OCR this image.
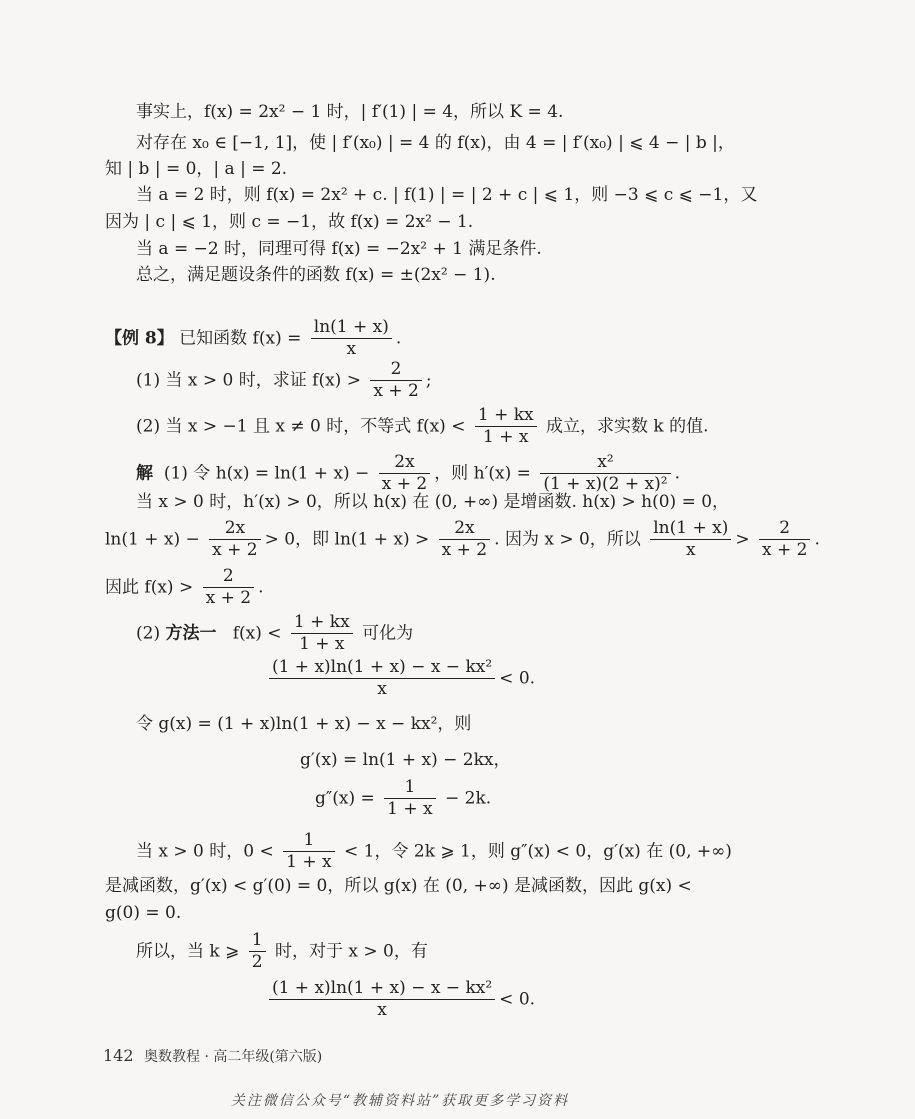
事实上，f(x) = 2x² − 1 时，| f′(1) | = 4，所以 K = 4.
对存在 x₀ ∈ [−1, 1]，使 | f′(x₀) | = 4 的 f(x)，由 4 = | f′(x₀) | ⩽ 4 − | b |，
知 | b | = 0，| a | = 2.
当 a = 2 时，则 f(x) = 2x² + c. | f(1) | = | 2 + c | ⩽ 1，则 −3 ⩽ c ⩽ −1，又
因为 | c | ⩽ 1，则 c = −1，故 f(x) = 2x² − 1.
当 a = −2 时，同理可得 f(x) = −2x² + 1 满足条件.
总之，满足题设条件的函数 f(x) = ±(2x² − 1).
【例 8】 已知函数 $f(x) = \frac{\ln(1 + x)}{x}$ .
(1) 当 x > 0 时，求证 $f(x) > \frac{2}{x + 2}$ ;
(2) 当 x > −1 且 x ≠ 0 时，不等式 $f(x) < \frac{1 + kx}{1 + x}$ 成立，求实数 k 的值.
解 (1) 令 $h(x) = \ln(1 + x) - \frac{2x}{x + 2}$ ，则 $h'(x) = \frac{\text{x²}}{\text{(1 + x)(2 + x)²}}$ .
当 x > 0 时，h′(x) > 0，所以 h(x) 在 (0, +∞) 是增函数. h(x) > h(0) = 0，
$\ln(1 + x) - \frac{2x}{x + 2} > 0$，即 $\ln(1 + x) > \frac{2x}{x + 2}$ . 因为 x > 0，所以 $\frac{\ln(1 + x)}{x} > \frac{2}{x + 2}$ .
因此 $f(x) > \frac{2}{x + 2}$ .
(2) 方法一 $f(x) < \frac{1 + kx}{1 + x}$ 可化为
$\frac{\text{(1 + x)ln(1 + x) − x − kx²}}{x} < 0$.
令 g(x) = (1 + x)ln(1 + x) − x − kx²，则
g′(x) = ln(1 + x) − 2kx，
$g''(x) = \frac{1}{1 + x} - 2k$.
当 x > 0 时，$0 < \frac{1}{1 + x} < 1$，令 2k ⩾ 1，则 g″(x) < 0，g′(x) 在 (0, +∞)
是减函数，g′(x) < g′(0) = 0，所以 g(x) 在 (0, +∞) 是减函数，因此 g(x) <
g(0) = 0.
所以，当 k ⩾ $\frac{1}{2}$ 时，对于 x > 0，有
$\frac{\text{(1 + x)ln(1 + x) − x − kx²}}{x} < 0$.
142 奥数教程 · 高二年级(第六版)
关注微信公众号“教辅资料站”获取更多学习资料
